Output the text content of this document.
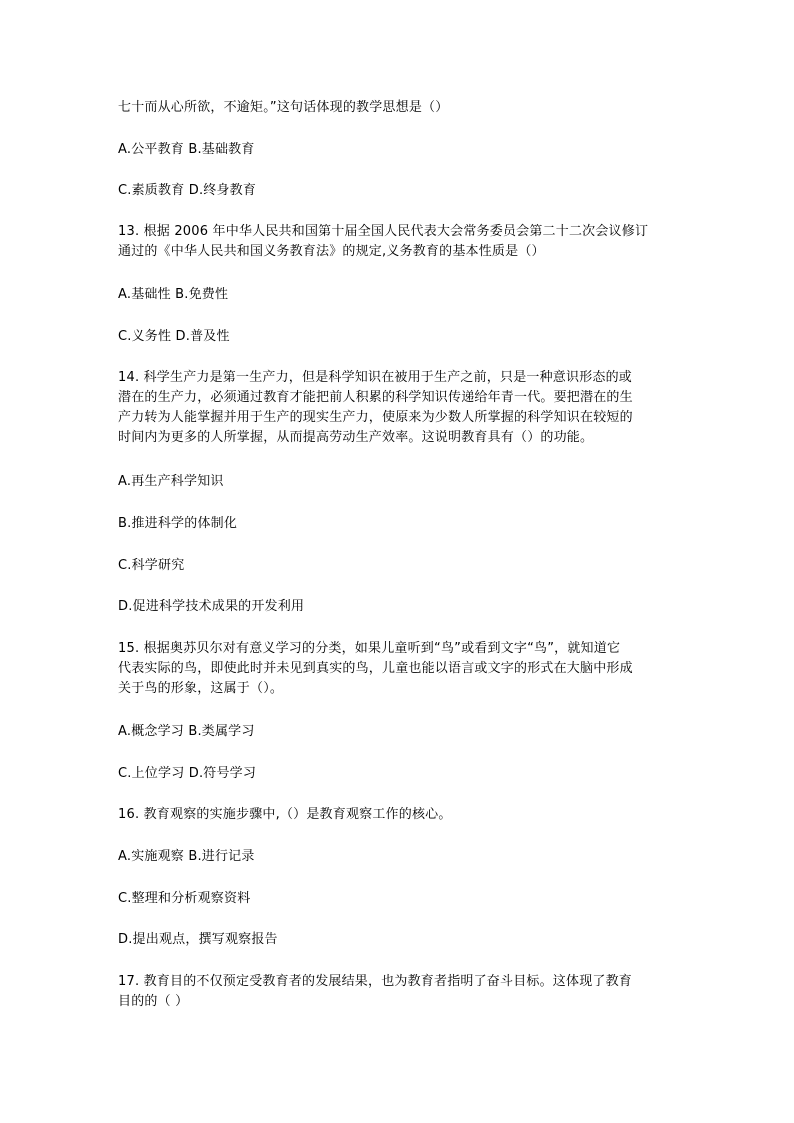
七十而从心所欲，不逾矩。”这句话体现的教学思想是（）
A.公平教育 B.基础教育
C.素质教育 D.终身教育
13. 根据 2006 年中华人民共和国第十届全国人民代表大会常务委员会第二十二次会议修订
通过的《中华人民共和国义务教育法》的规定,义务教育的基本性质是（）
A.基础性 B.免费性
C.义务性 D.普及性
14. 科学生产力是第一生产力，但是科学知识在被用于生产之前，只是一种意识形态的或
潜在的生产力，必须通过教育才能把前人积累的科学知识传递给年青一代。要把潜在的生
产力转为人能掌握并用于生产的现实生产力，使原来为少数人所掌握的科学知识在较短的
时间内为更多的人所掌握，从而提高劳动生产效率。这说明教育具有（）的功能。
A.再生产科学知识
B.推进科学的体制化
C.科学研究
D.促进科学技术成果的开发利用
15. 根据奥苏贝尔对有意义学习的分类，如果儿童听到“鸟”或看到文字“鸟”，就知道它
代表实际的鸟，即使此时并未见到真实的鸟，儿童也能以语言或文字的形式在大脑中形成
关于鸟的形象，这属于（）。
A.概念学习 B.类属学习
C.上位学习 D.符号学习
16. 教育观察的实施步骤中,（）是教育观察工作的核心。
A.实施观察 B.进行记录
C.整理和分析观察资料
D.提出观点，撰写观察报告
17. 教育目的不仅预定受教育者的发展结果，也为教育者指明了奋斗目标。这体现了教育
目的的（ ）
